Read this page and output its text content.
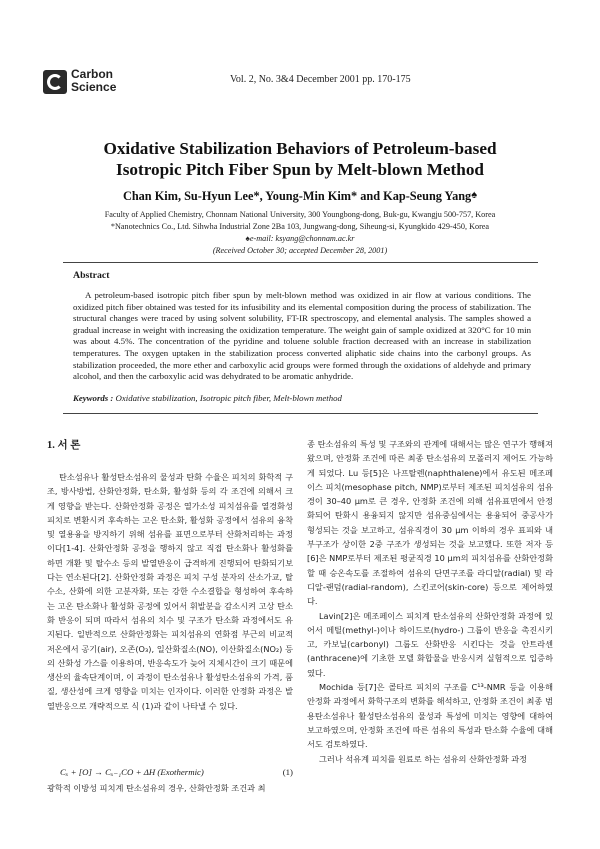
Carbon
Science
Vol. 2, No. 3&4 December 2001 pp. 170-175
Oxidative Stabilization Behaviors of Petroleum-based
Isotropic Pitch Fiber Spun by Melt-blown Method
Chan Kim, Su-Hyun Lee*, Young-Min Kim* and Kap-Seung Yang♠
Faculty of Applied Chemistry, Chonnam National University, 300 Youngbong-dong, Buk-gu, Kwangju 500-757, Korea
*Nanotechnics Co., Ltd. Sihwha Industrial Zone 2Ba 103, Jungwang-dong, Siheung-si, Kyungkido 429-450, Korea
♠e-mail: ksyang@chonnam.ac.kr
(Received October 30; accepted December 28, 2001)
Abstract
A petroleum-based isotropic pitch fiber spun by melt-blown method was oxidized in air flow at various conditions. The oxidized pitch fiber obtained was tested for its infusibility and its elemental composition during the process of stabilization. The structural changes were traced by using solvent solubility, FT-IR spectroscopy, and elemental analysis. The samples showed a gradual increase in weight with increasing the oxidization temperature. The weight gain of sample oxidized at 320°C for 10 min was about 4.5%. The concentration of the pyridine and toluene soluble fraction decreased with an increase in stabilization temperatures. The oxygen uptaken in the stabilization process converted aliphatic side chains into the carbonyl groups. As stabilization proceeded, the more ether and carboxylic acid groups were formed through the oxidations of aldehyde and primary alcohol, and then the carboxylic acid was dehydrated to be aromatic anhydride.
Keywords : Oxidative stabilization, Isotropic pitch fiber, Melt-blown method
1. 서 론

탄소섬유나 활성탄소섬유의 물성과 탄화 수율은 피치의 화학적 구조, 방사방법, 산화안정화, 탄소화, 활성화 등의 각 조건에 의해서 크게 영향을 받는다. 산화안정화 공정은 열가소성 피치섬유를 열경화성 피치로 변환시켜 후속하는 고온 탄소화, 활성화 공정에서 섬유의 융착 및 열용융을 방지하기 위해 섬유를 표면으로부터 산화처리하는 과정이다[1-4]. 산화안정화 공정을 행하지 않고 직접 탄소화나 활성화를 하면 개환 및 탈수소 등의 발열반응이 급격하게 진행되어 탄화되기보다는 연소된다[2]. 산화안정화 과정은 피치 구성 분자의 산소가교, 탈수소, 산화에 의한 고분자화, 또는 강한 수소결합을 형성하여 후속하는 고온 탄소화나 활성화 공정에 있어서 휘발분을 감소시켜 고상 탄소화 반응이 되며 따라서 섬유의 치수 및 구조가 탄소화 과정에서도 유지된다. 일반적으로 산화안정화는 피치섬유의 연화점 부근의 비교적 저온에서 공기(air), 오존(O₃), 일산화질소(NO), 이산화질소(NO₂) 등의 산화성 가스를 이용하며, 반응속도가 늦어 지체시간이 크기 때문에 생산의 율속단계이며, 이 과정이 탄소섬유나 활성탄소섬유의 가격, 품질, 생산성에 크게 영향을 미치는 인자이다. 이러한 안정화 과정은 발열반응으로 개략적으로 식 (1)과 같이 나타낼 수 있다.

Cₓ + [O] → Cₓ₋₁CO + ΔH (Exothermic)	(1)

광학적 이방성 피치계 탄소섬유의 경우, 산화안정화 조건과 최

종 탄소섬유의 특성 및 구조와의 관계에 대해서는 많은 연구가 행해져왔으며, 안정화 조건에 따른 최종 탄소섬유의 모폴러지 제어도 가능하게 되었다. Lu 등[5]은 나프탈렌(naphthalene)에서 유도된 메조페이스 피치(mesophase pitch, NMP)로부터 제조된 피치섬유의 섬유경이 30–40 μm로 큰 경우, 안정화 조건에 의해 섬유표면에서 안정화되어 탄화시 용융되지 않지만 섬유중심에서는 용융되어 중공사가 형성되는 것을 보고하고, 섬유직경이 30 μm 이하의 경우 표피와 내부구조가 상이한 2중 구조가 생성되는 것을 보고했다. 또한 저자 등[6]은 NMP로부터 제조된 평균직경 10 μm의 피치섬유를 산화안정화 할 때 승온속도를 조절하여 섬유의 단면구조를 라디알(radial) 및 라디알-랜덤(radial-random), 스킨코어(skin-core) 등으로 제어하였다.

Lavin[2]은 메조페이스 피치계 탄소섬유의 산화안정화 과정에 있어서 메틸(methyl-)이나 하이드로(hydro-) 그룹이 반응을 촉진시키고, 카보닐(carbonyl) 그룹도 산화반응 시킨다는 것을 안트라센(anthracene)에 기초한 모델 화합물을 반응시켜 실험적으로 입증하였다.

Mochida 등[7]은 콜타르 피치의 구조를 C¹³-NMR 등을 이용해 안정화 과정에서 화학구조의 변화를 해석하고, 안정화 조건이 최종 범용탄소섬유나 활성탄소섬유의 물성과 특성에 미치는 영향에 대하여 보고하였으며, 안정화 조건에 따른 섬유의 특성과 탄소화 수율에 대해서도 검토하였다.

그러나 석유계 피치를 원료로 하는 섬유의 산화안정화 과정
